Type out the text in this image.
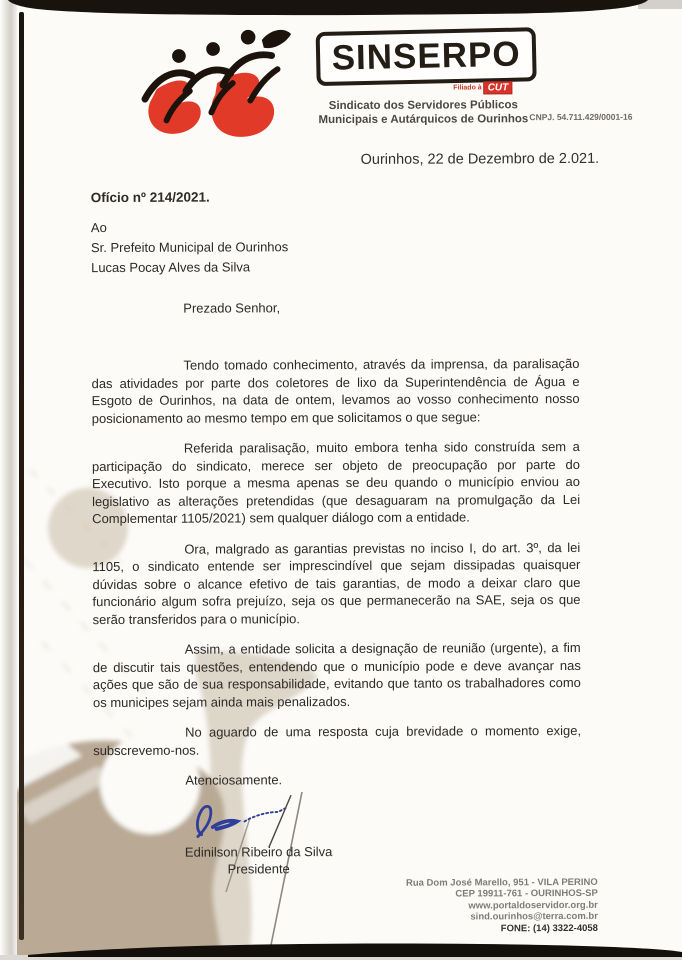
SINSERPO
Filiado à CUT
Sindicato dos Servidores Públicos
Municipais e Autárquicos de Ourinhos CNPJ. 54.711.429/0001-16
Ourinhos, 22 de Dezembro de 2.021.
Ofício nº 214/2021.
Ao
Sr. Prefeito Municipal de Ourinhos
Lucas Pocay Alves da Silva
Prezado Senhor,

Tendo tomado conhecimento, através da imprensa, da paralisação das atividades por parte dos coletores de lixo da Superintendência de Água e Esgoto de Ourinhos, na data de ontem, levamos ao vosso conhecimento nosso posicionamento ao mesmo tempo em que solicitamos o que segue:

Referida paralisação, muito embora tenha sido construída sem a participação do sindicato, merece ser objeto de preocupação por parte do Executivo. Isto porque a mesma apenas se deu quando o município enviou ao legislativo as alterações pretendidas (que desaguaram na promulgação da Lei Complementar 1105/2021) sem qualquer diálogo com a entidade.

Ora, malgrado as garantias previstas no inciso I, do art. 3º, da lei 1105, o sindicato entende ser imprescindível que sejam dissipadas quaisquer dúvidas sobre o alcance efetivo de tais garantias, de modo a deixar claro que funcionário algum sofra prejuízo, seja os que permanecerão na SAE, seja os que serão transferidos para o município.

Assim, a entidade solicita a designação de reunião (urgente), a fim de discutir tais questões, entendendo que o município pode e deve avançar nas ações que são de sua responsabilidade, evitando que tanto os trabalhadores como os municipes sejam ainda mais penalizados.

No aguardo de uma resposta cuja brevidade o momento exige, subscrevemo-nos.

Atenciosamente.
Edinilson Ribeiro da Silva
Presidente
Rua Dom José Marello, 951 - VILA PERINO
CEP 19911-761 - OURINHOS-SP
www.portaldoservidor.org.br
sind.ourinhos@terra.com.br
FONE: (14) 3322-4058
